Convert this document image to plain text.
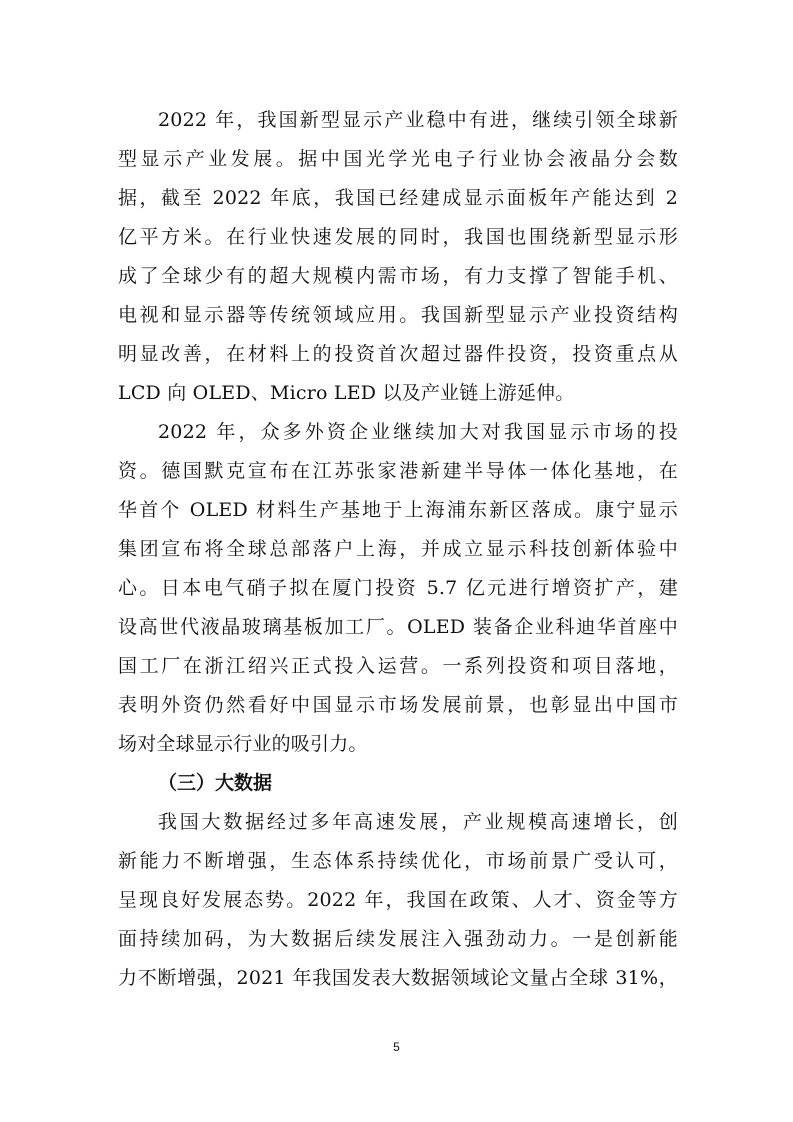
2022 年，我国新型显示产业稳中有进，继续引领全球新
型显示产业发展。据中国光学光电子行业协会液晶分会数
据，截至 2022 年底，我国已经建成显示面板年产能达到 2
亿平方米。在行业快速发展的同时，我国也围绕新型显示形
成了全球少有的超大规模内需市场，有力支撑了智能手机、
电视和显示器等传统领域应用。我国新型显示产业投资结构
明显改善，在材料上的投资首次超过器件投资，投资重点从
LCD 向 OLED、Micro LED 以及产业链上游延伸。
2022 年，众多外资企业继续加大对我国显示市场的投
资。德国默克宣布在江苏张家港新建半导体一体化基地，在
华首个 OLED 材料生产基地于上海浦东新区落成。康宁显示
集团宣布将全球总部落户上海，并成立显示科技创新体验中
心。日本电气硝子拟在厦门投资 5.7 亿元进行增资扩产，建
设高世代液晶玻璃基板加工厂。OLED 装备企业科迪华首座中
国工厂在浙江绍兴正式投入运营。一系列投资和项目落地，
表明外资仍然看好中国显示市场发展前景，也彰显出中国市
场对全球显示行业的吸引力。
（三）大数据
我国大数据经过多年高速发展，产业规模高速增长，创
新能力不断增强，生态体系持续优化，市场前景广受认可，
呈现良好发展态势。2022 年，我国在政策、人才、资金等方
面持续加码，为大数据后续发展注入强劲动力。一是创新能
力不断增强，2021 年我国发表大数据领域论文量占全球 31%，
5
